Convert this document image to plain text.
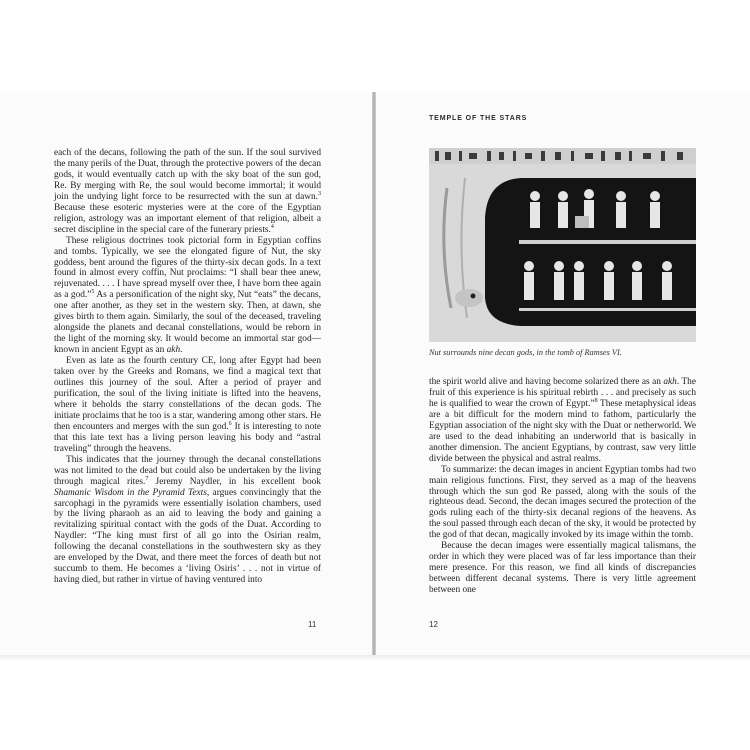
each of the decans, following the path of the sun. If the soul survived the many perils of the Duat, through the protective powers of the decan gods, it would eventually catch up with the sky boat of the sun god, Re. By merging with Re, the soul would become immortal; it would join the undying light force to be resurrected with the sun at dawn.$^3$ Because these esoteric mysteries were at the core of the Egyptian religion, astrology was an important element of that religion, albeit a secret discipline in the special care of the funerary priests.$^4$

These religious doctrines took pictorial form in Egyptian coffins and tombs. Typically, we see the elongated figure of Nut, the sky goddess, bent around the figures of the thirty-six decan gods. In a text found in almost every coffin, Nut proclaims: “I shall bear thee anew, rejuvenated. . . . I have spread myself over thee, I have born thee again as a god.”$^5$ As a personification of the night sky, Nut “eats” the decans, one after another, as they set in the western sky. Then, at dawn, she gives birth to them again. Similarly, the soul of the deceased, traveling alongside the planets and decanal constellations, would be reborn in the light of the morning sky. It would become an immortal star god—known in ancient Egypt as an akh.

Even as late as the fourth century CE, long after Egypt had been taken over by the Greeks and Romans, we find a magical text that outlines this journey of the soul. After a period of prayer and purification, the soul of the living initiate is lifted into the heavens, where it beholds the starry constellations of the decan gods. The initiate proclaims that he too is a star, wandering among other stars. He then encounters and merges with the sun god.$^6$ It is interesting to note that this late text has a living person leaving his body and “astral traveling” through the heavens.

This indicates that the journey through the decanal constellations was not limited to the dead but could also be undertaken by the living through magical rites.$^7$ Jeremy Naydler, in his excellent book Shamanic Wisdom in the Pyramid Texts, argues convincingly that the sarcophagi in the pyramids were essentially isolation chambers, used by the living pharaoh as an aid to leaving the body and gaining a revitalizing spiritual contact with the gods of the Duat. According to Naydler: “The king must first of all go into the Osirian realm, following the decanal constellations in the southwestern sky as they are enveloped by the Dwat, and there meet the forces of death but not succumb to them. He becomes a ‘living Osiris’ . . . not in virtue of having died, but rather in virtue of having ventured into

11
TEMPLE OF THE STARS
Nut surrounds nine decan gods, in the tomb of Ramses VI.

the spirit world alive and having become solarized there as an akh. The fruit of this experience is his spiritual rebirth . . . and precisely as such he is qualified to wear the crown of Egypt.”$^8$ These metaphysical ideas are a bit difficult for the modern mind to fathom, particularly the Egyptian association of the night sky with the Duat or netherworld. We are used to the dead inhabiting an underworld that is basically in another dimension. The ancient Egyptians, by contrast, saw very little divide between the physical and astral realms.

To summarize: the decan images in ancient Egyptian tombs had two main religious functions. First, they served as a map of the heavens through which the sun god Re passed, along with the souls of the righteous dead. Second, the decan images secured the protection of the gods ruling each of the thirty-six decanal regions of the heavens. As the soul passed through each decan of the sky, it would be protected by the god of that decan, magically invoked by its image within the tomb.

Because the decan images were essentially magical talismans, the order in which they were placed was of far less importance than their mere presence. For this reason, we find all kinds of discrepancies between different decanal systems. There is very little agreement between one

12
